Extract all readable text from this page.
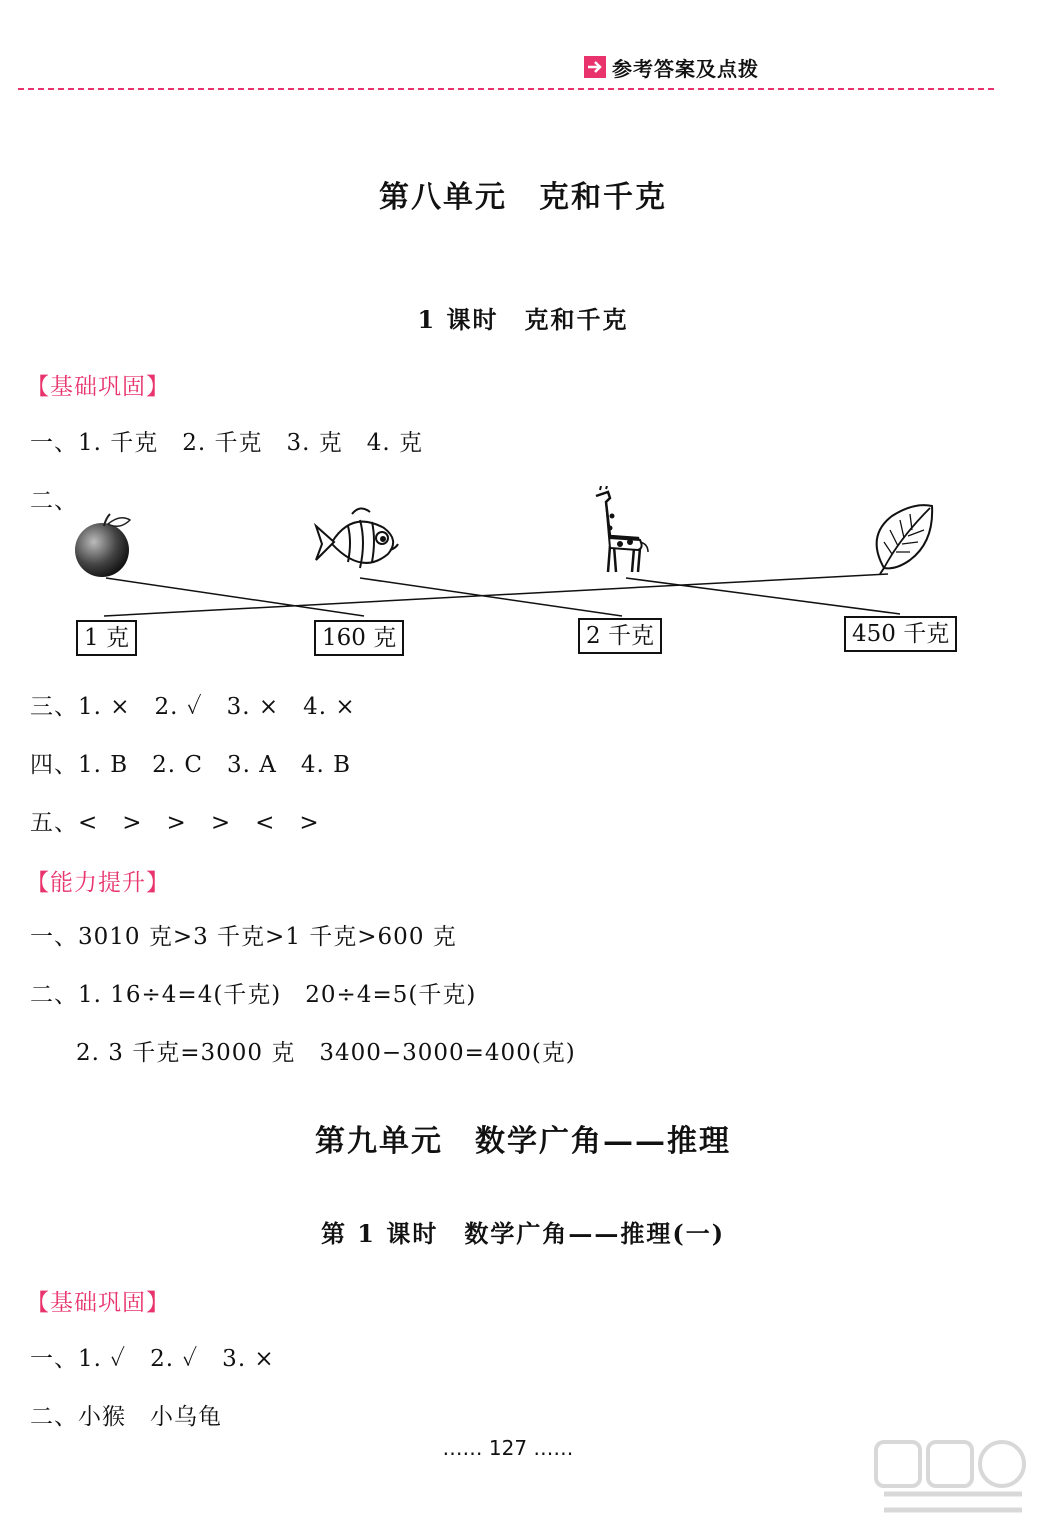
参考答案及点拨
第八单元　克和千克
1 课时　克和千克
【基础巩固】
一、1. 千克　2. 千克　3. 克　4. 克
二、
1 克	160 克	2 千克	450 千克
三、1. ×　2. ✓　3. ×　4. ×
四、1. B　2. C　3. A　4. B
五、<　>　>　>　<　>
【能力提升】
一、3010 克>3 千克>1 千克>600 克
二、1. 16÷4=4(千克)　20÷4=5(千克)
2. 3 千克=3000 克　3400−3000=400(克)
第九单元　数学广角——推理
第 1 课时　数学广角——推理(一)
【基础巩固】
一、1. ✓　2. ✓　3. ×
二、小猴　小乌龟
…… 127 ……
